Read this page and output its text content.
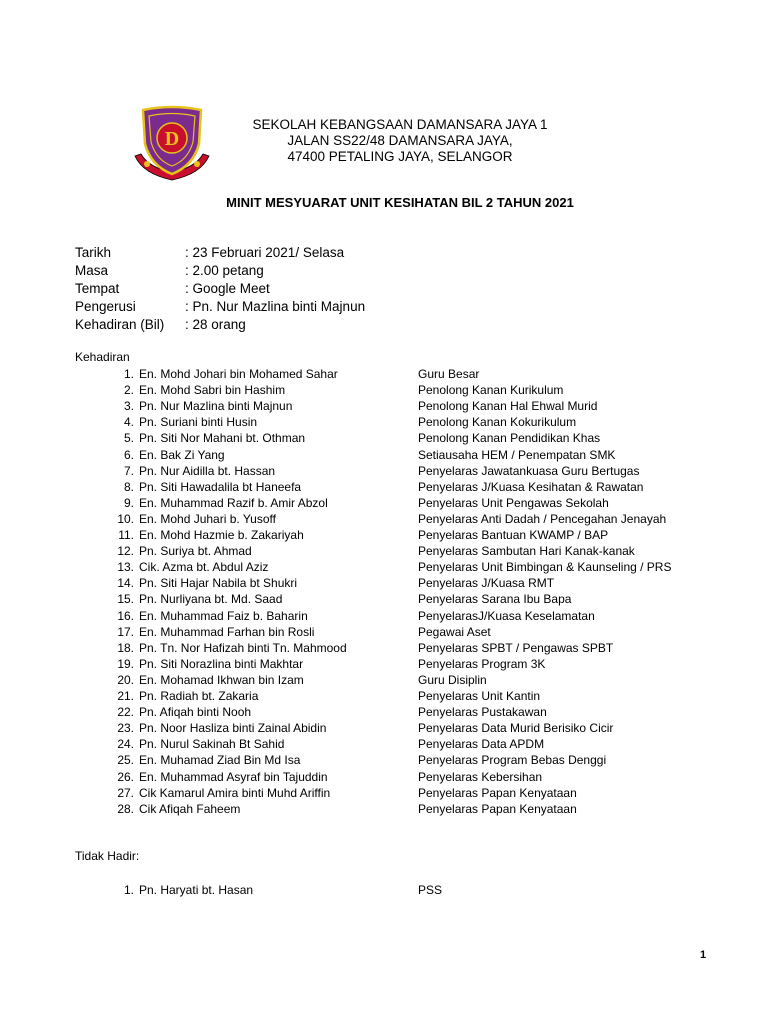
D
SEKOLAH KEBANGSAAN DAMANSARA JAYA 1
JALAN SS22/48 DAMANSARA JAYA,
47400 PETALING JAYA, SELANGOR
MINIT MESYUARAT UNIT KESIHATAN BIL 2 TAHUN 2021
Tarikh	: 23 Februari 2021/ Selasa
Masa	: 2.00 petang
Tempat	: Google Meet
Pengerusi	: Pn. Nur Mazlina binti Majnun
Kehadiran (Bil) : 28 orang
Kehadiran
1. En. Mohd Johari bin Mohamed Sahar	Guru Besar
2. En. Mohd Sabri bin Hashim	Penolong Kanan Kurikulum
3. Pn. Nur Mazlina binti Majnun	Penolong Kanan Hal Ehwal Murid
4. Pn. Suriani binti Husin	Penolong Kanan Kokurikulum
5. Pn. Siti Nor Mahani bt. Othman	Penolong Kanan Pendidikan Khas
6. En. Bak Zi Yang	Setiausaha HEM / Penempatan SMK
7. Pn. Nur Aidilla bt. Hassan	Penyelaras Jawatankuasa Guru Bertugas
8. Pn. Siti Hawadalila bt Haneefa	Penyelaras J/Kuasa Kesihatan & Rawatan
9. En. Muhammad Razif b. Amir Abzol	Penyelaras Unit Pengawas Sekolah
10. En. Mohd Juhari b. Yusoff	Penyelaras Anti Dadah / Pencegahan Jenayah
11. En. Mohd Hazmie b. Zakariyah	Penyelaras Bantuan KWAMP / BAP
12. Pn. Suriya bt. Ahmad	Penyelaras Sambutan Hari Kanak-kanak
13. Cik. Azma bt. Abdul Aziz	Penyelaras Unit Bimbingan & Kaunseling / PRS
14. Pn. Siti Hajar Nabila bt Shukri	Penyelaras J/Kuasa RMT
15. Pn. Nurliyana bt. Md. Saad	Penyelaras Sarana Ibu Bapa
16. En. Muhammad Faiz b. Baharin	PenyelarasJ/Kuasa Keselamatan
17. En. Muhammad Farhan bin Rosli	Pegawai Aset
18. Pn. Tn. Nor Hafizah binti Tn. Mahmood	Penyelaras SPBT / Pengawas SPBT
19. Pn. Siti Norazlina binti Makhtar	Penyelaras Program 3K
20. En. Mohamad Ikhwan bin Izam	Guru Disiplin
21. Pn. Radiah bt. Zakaria	Penyelaras Unit Kantin
22. Pn. Afiqah binti Nooh	Penyelaras Pustakawan
23. Pn. Noor Hasliza binti Zainal Abidin	Penyelaras Data Murid Berisiko Cicir
24. Pn. Nurul Sakinah Bt Sahid	Penyelaras Data APDM
25. En. Muhamad Ziad Bin Md Isa	Penyelaras Program Bebas Denggi
26. En. Muhammad Asyraf bin Tajuddin	Penyelaras Kebersihan
27. Cik Kamarul Amira binti Muhd Ariffin	Penyelaras Papan Kenyataan
28. Cik Afiqah Faheem	Penyelaras Papan Kenyataan
Tidak Hadir:
1. Pn. Haryati bt. Hasan	PSS
1
